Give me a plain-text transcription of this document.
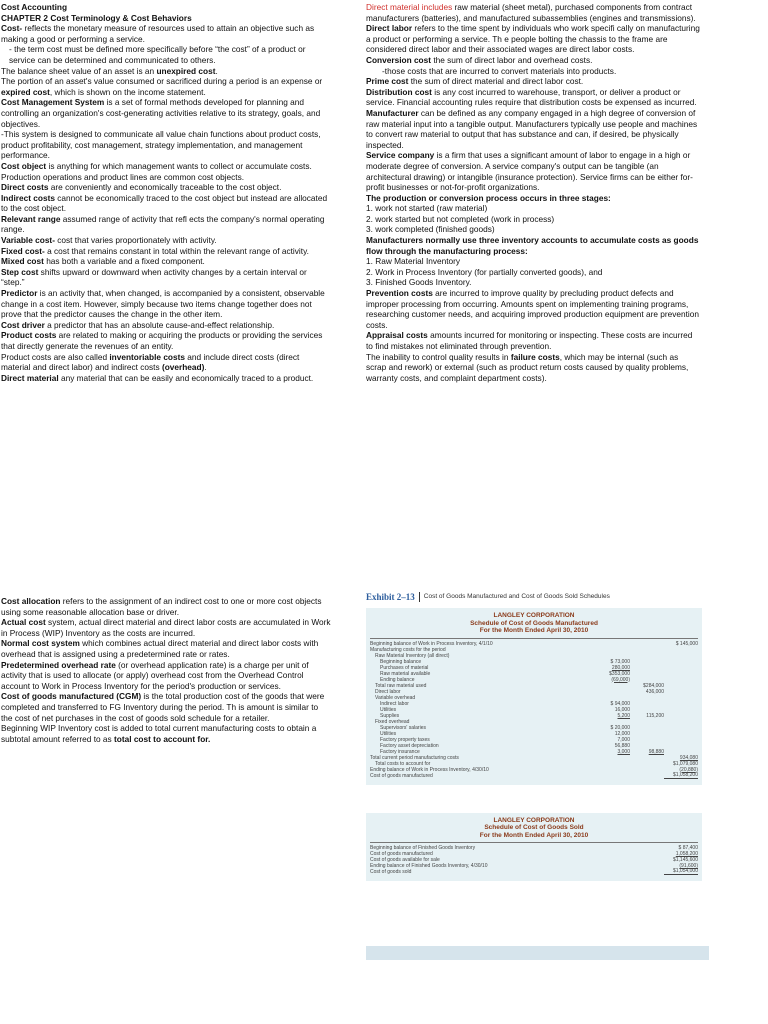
Cost Accounting

CHAPTER 2 Cost Terminology & Cost Behaviors

Cost- reflects the monetary measure of resources used to attain an objective such as making a good or performing a service.

- the term cost must be defined more specifically before “the cost” of a product or service can be determined and communicated to others.

The balance sheet value of an asset is an unexpired cost.

The portion of an asset's value consumed or sacrificed during a period is an expense or expired cost, which is shown on the income statement.

Cost Management System is a set of formal methods developed for planning and controlling an organization's cost-generating activities relative to its strategy, goals, and objectives.

-This system is designed to communicate all value chain functions about product costs, product profitability, cost management, strategy implementation, and management performance.

Cost object is anything for which management wants to collect or accumulate costs. Production operations and product lines are common cost objects.

Direct costs are conveniently and economically traceable to the cost object.

Indirect costs cannot be economically traced to the cost object but instead are allocated to the cost object.

Relevant range assumed range of activity that refl ects the company's normal operating range.

Variable cost- cost that varies proportionately with activity.

Fixed cost- a cost that remains constant in total within the relevant range of activity.

Mixed cost has both a variable and a fixed component.

Step cost shifts upward or downward when activity changes by a certain interval or “step.”

Predictor is an activity that, when changed, is accompanied by a consistent, observable change in a cost item. However, simply because two items change together does not prove that the predictor causes the change in the other item.

Cost driver a predictor that has an absolute cause-and-effect relationship.

Product costs are related to making or acquiring the products or providing the services that directly generate the revenues of an entity.

Product costs are also called inventoriable costs and include direct costs (direct material and direct labor) and indirect costs (overhead).

Direct material any material that can be easily and economically traced to a product.

Direct material includes raw material (sheet metal), purchased components from contract manufacturers (batteries), and manufactured subassemblies (engines and transmissions).

Direct labor refers to the time spent by individuals who work specifi cally on manufacturing a product or performing a service. Th e people bolting the chassis to the frame are considered direct labor and their associated wages are direct labor costs.

Conversion cost the sum of direct labor and overhead costs.

-those costs that are incurred to convert materials into products.

Prime cost the sum of direct material and direct labor cost.

Distribution cost is any cost incurred to warehouse, transport, or deliver a product or service. Financial accounting rules require that distribution costs be expensed as incurred.

Manufacturer can be defined as any company engaged in a high degree of conversion of raw material input into a tangible output. Manufacturers typically use people and machines to convert raw material to output that has substance and can, if desired, be physically inspected.

Service company is a firm that uses a significant amount of labor to engage in a high or moderate degree of conversion. A service company's output can be tangible (an architectural drawing) or intangible (insurance protection). Service firms can be either for-profit businesses or not-for-profit organizations.

The production or conversion process occurs in three stages:

1. work not started (raw material)

2. work started but not completed (work in process)

3. work completed (finished goods)

Manufacturers normally use three inventory accounts to accumulate costs as goods flow through the manufacturing process:

1. Raw Material Inventory

2. Work in Process Inventory (for partially converted goods), and

3. Finished Goods Inventory.

Prevention costs are incurred to improve quality by precluding product defects and improper processing from occurring. Amounts spent on implementing training programs, researching customer needs, and acquiring improved production equipment are prevention costs.

Appraisal costs amounts incurred for monitoring or inspecting. These costs are incurred to find mistakes not eliminated through prevention.

The inability to control quality results in failure costs, which may be internal (such as scrap and rework) or external (such as product return costs caused by quality problems, warranty costs, and complaint department costs).

Cost allocation refers to the assignment of an indirect cost to one or more cost objects using some reasonable allocation base or driver.

Actual cost system, actual direct material and direct labor costs are accumulated in Work in Process (WIP) Inventory as the costs are incurred.

Normal cost system which combines actual direct material and direct labor costs with overhead that is assigned using a predetermined rate or rates.

Predetermined overhead rate (or overhead application rate) is a charge per unit of activity that is used to allocate (or apply) overhead cost from the Overhead Control account to Work in Process Inventory for the period's production or services.

Cost of goods manufactured (CGM) is the total production cost of the goods that were completed and transferred to FG Inventory during the period. Th is amount is similar to the cost of net purchases in the cost of goods sold schedule for a retailer.

Beginning WIP Inventory cost is added to total current manufacturing costs to obtain a subtotal amount referred to as total cost to account for.

Exhibit 2–13 Cost of Goods Manufactured and Cost of Goods Sold Schedules
LANGLEY CORPORATION
Schedule of Cost of Goods Manufactured
For the Month Ended April 30, 2010
Beginning balance of Work in Process Inventory, 4/1/10	$ 145,000
Manufacturing costs for the period
Raw Material Inventory (all direct)
Beginning balance	$ 73,000
Purchases of material	280,000
Raw material available	$353,000
Ending balance	(69,000)
Total raw material used	$284,000
Direct labor	436,000
Variable overhead
Indirect labor	$ 94,000
Utilities	16,000
Supplies	5,200	115,200
Fixed overhead
Supervisors' salaries	$ 20,000
Utilities	12,000
Factory property taxes	7,000
Factory asset depreciation	56,880
Factory insurance	3,000	98,880
Total current period manufacturing costs	934,080
Total costs to account for	$1,079,080
Ending balance of Work in Process Inventory, 4/30/10	(20,880)
Cost of goods manufactured	$1,058,200
LANGLEY CORPORATION
Schedule of Cost of Goods Sold
For the Month Ended April 30, 2010
Beginning balance of Finished Goods Inventory	$ 87,400
Cost of goods manufactured	1,058,200
Cost of goods available for sale	$1,145,600
Ending balance of Finished Goods Inventory, 4/30/10	(91,600)
Cost of goods sold	$1,054,000
